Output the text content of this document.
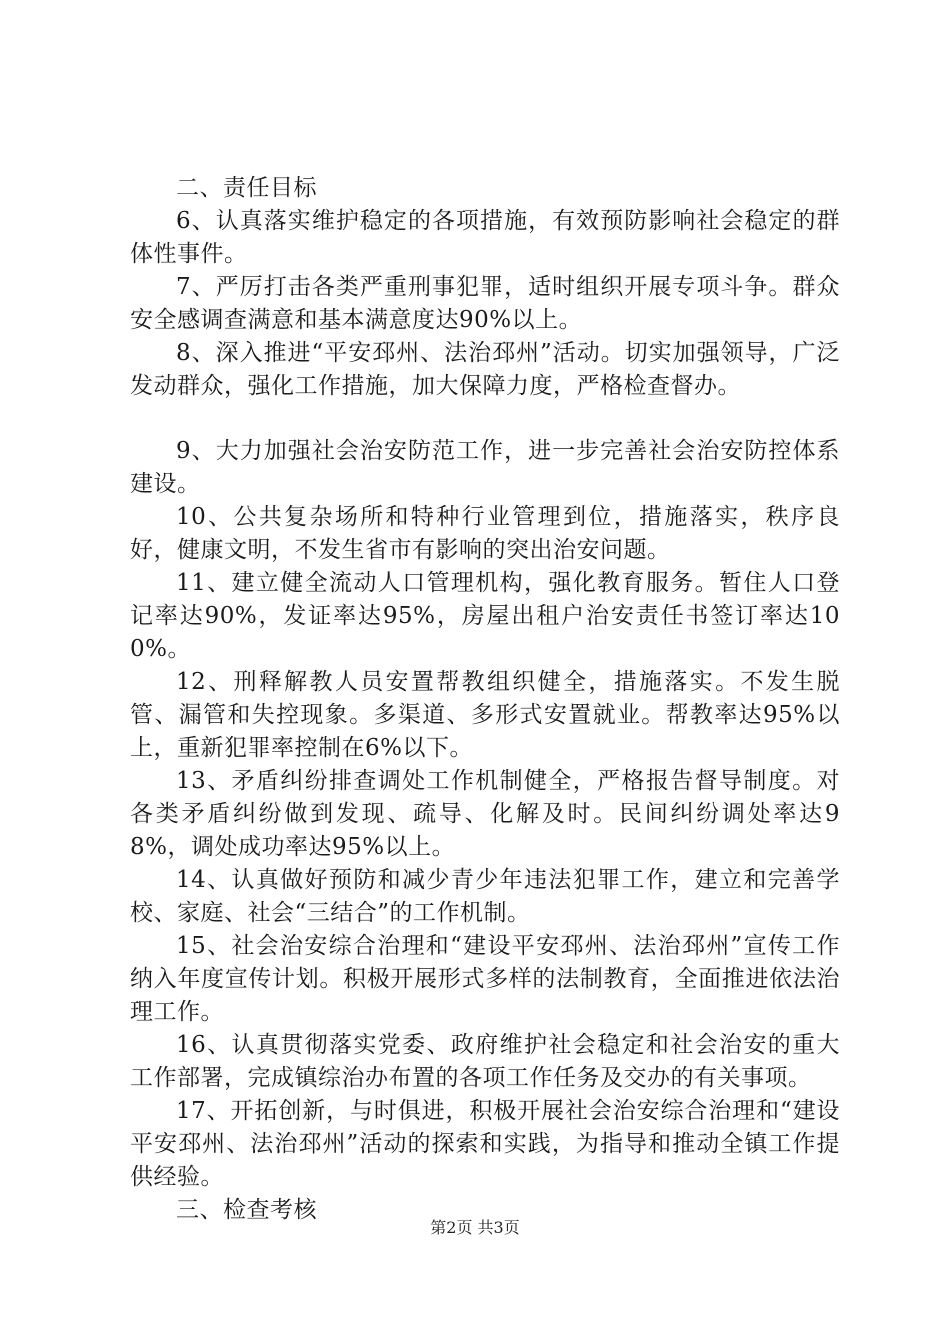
二、责任目标

6、认真落实维护稳定的各项措施，有效预防影响社会稳定的群体性事件。

7、严厉打击各类严重刑事犯罪，适时组织开展专项斗争。群众安全感调查满意和基本满意度达90%以上。

8、深入推进“平安邳州、法治邳州”活动。切实加强领导，广泛发动群众，强化工作措施，加大保障力度，严格检查督办。

9、大力加强社会治安防范工作，进一步完善社会治安防控体系建设。

10、公共复杂场所和特种行业管理到位，措施落实，秩序良好，健康文明，不发生省市有影响的突出治安问题。

11、建立健全流动人口管理机构，强化教育服务。暂住人口登记率达90%，发证率达95%，房屋出租户治安责任书签订率达100%。

12、刑释解教人员安置帮教组织健全，措施落实。不发生脱管、漏管和失控现象。多渠道、多形式安置就业。帮教率达95%以上，重新犯罪率控制在6%以下。

13、矛盾纠纷排查调处工作机制健全，严格报告督导制度。对各类矛盾纠纷做到发现、疏导、化解及时。民间纠纷调处率达98%，调处成功率达95%以上。

14、认真做好预防和减少青少年违法犯罪工作，建立和完善学校、家庭、社会“三结合”的工作机制。

15、社会治安综合治理和“建设平安邳州、法治邳州”宣传工作纳入年度宣传计划。积极开展形式多样的法制教育，全面推进依法治理工作。

16、认真贯彻落实党委、政府维护社会稳定和社会治安的重大工作部署，完成镇综治办布置的各项工作任务及交办的有关事项。

17、开拓创新，与时俱进，积极开展社会治安综合治理和“建设平安邳州、法治邳州”活动的探索和实践，为指导和推动全镇工作提供经验。

三、检查考核

第2页 共3页
